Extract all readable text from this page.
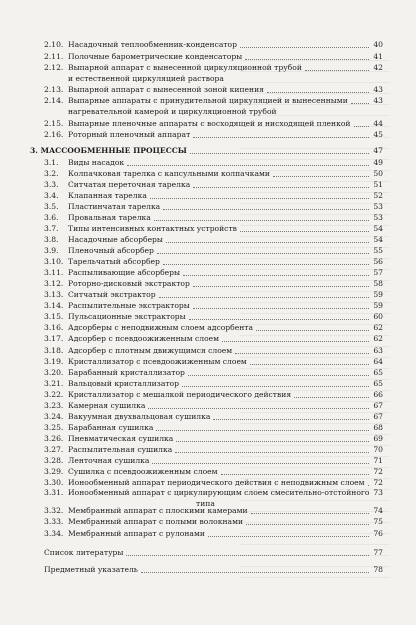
2.10. Насадочный теплообменник-конденсатор	40
2.11. Полочные барометрические конденсаторы	41
2.12. Выпарной аппарат с вынесенной циркуляционной трубой	42
и естественной циркуляцией раствора
2.13. Выпарной аппарат с вынесенной зоной кипения	43
2.14. Выпарные аппараты с принудительной циркуляцией и вынесенными	43
нагревательной камерой и циркуляционной трубой
2.15. Выпарные пленочные аппараты с восходящей и нисходящей пленкой	44
2.16. Роторный пленочный аппарат	45
3. МАССООБМЕННЫЕ ПРОЦЕССЫ	47
3.1. Виды насадок	49
3.2. Колпачковая тарелка с капсульными колпачками	50
3.3. Ситчатая переточная тарелка	51
3.4. Клапанная тарелка	52
3.5. Пластинчатая тарелка	53
3.6. Провальная тарелка	53
3.7. Типы интенсивных контактных устройств	54
3.8. Насадочные абсорберы	54
3.9. Пленочный абсорбер	55
3.10. Тарельчатый абсорбер	56
3.11. Распыливающие абсорберы	57
3.12. Роторно-дисковый экстрактор	58
3.13. Ситчатый экстрактор	59
3.14. Распылительные экстракторы	59
3.15. Пульсационные экстракторы	60
3.16. Адсорберы с неподвижным слоем адсорбента	62
3.17. Адсорбер с псевдоожиженным слоем	62
3.18. Адсорбер с плотным движущимся слоем	63
3.19. Кристаллизатор с псевдоожиженным слоем	64
3.20. Барабанный кристаллизатор	65
3.21. Вальцовый кристаллизатор	65
3.22. Кристаллизатор с мешалкой периодического действия	66
3.23. Камерная сушилка	67
3.24. Вакуумная двухвальцовая сушилка	67
3.25. Барабанная сушилка	68
3.26. Пневматическая сушилка	69
3.27. Распылительная сушилка	70
3.28. Ленточная сушилка	71
3.29. Сушилка с псевдоожиженным слоем	72
3.30. Ионообменный аппарат периодического действия с неподвижным слоем 72
3.31. Ионообменный аппарат с циркулирующим слоем смесительно-отстойного 73
типа
3.32. Мембранный аппарат с плоскими камерами	74
3.33. Мембранный аппарат с полыми волокнами	75
3.34. Мембранный аппарат с рулонами	76
Список литературы	77
Предметный указатель	78
